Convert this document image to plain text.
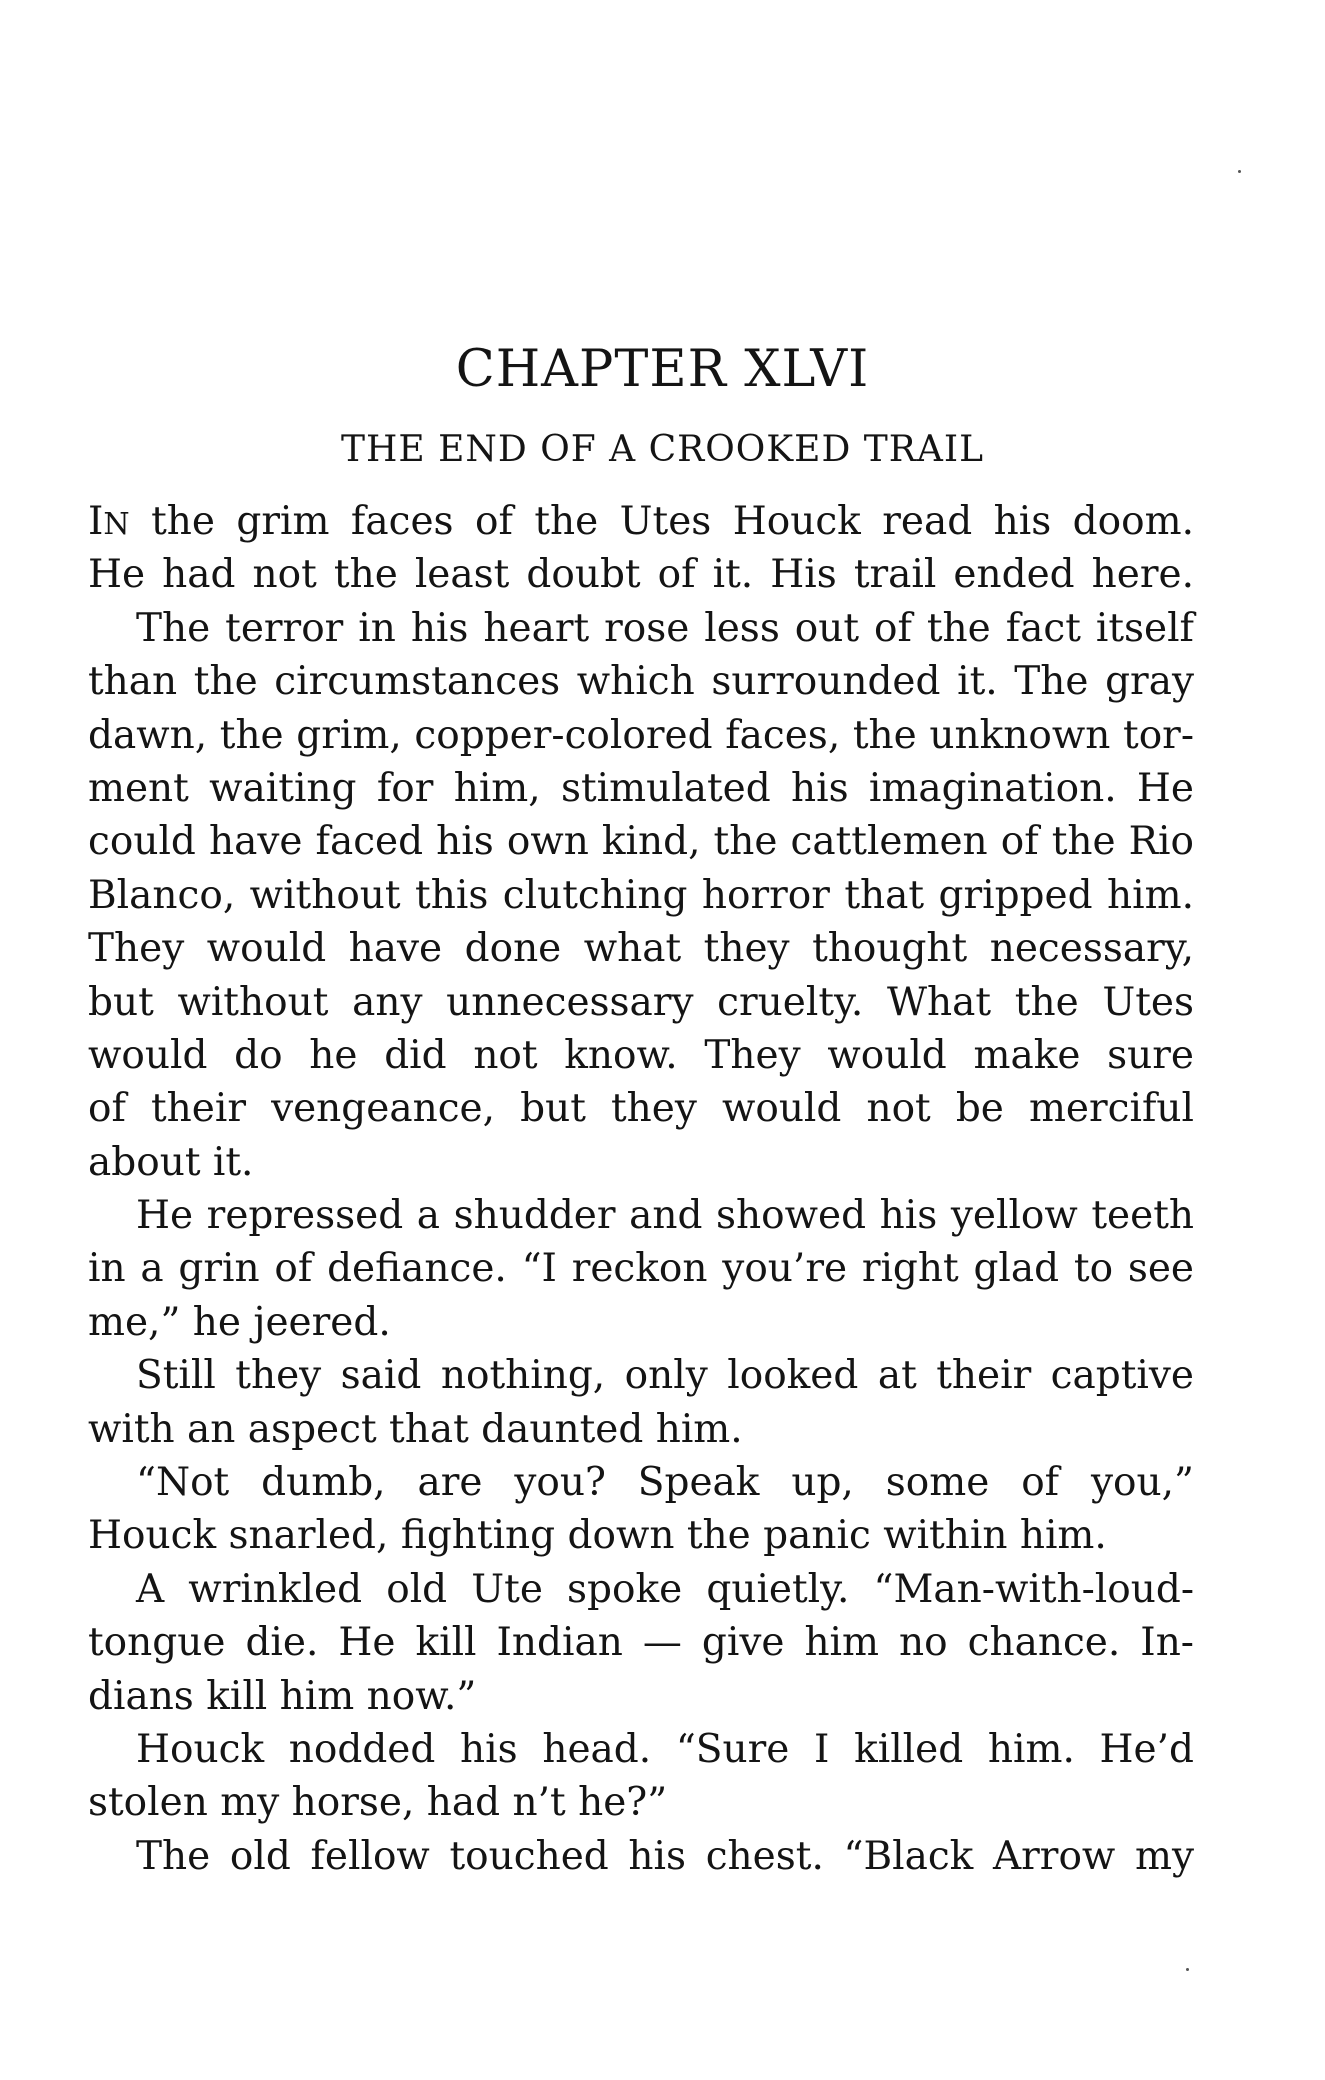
CHAPTER XLVI
THE END OF A CROOKED TRAIL
IN the grim faces of the Utes Houck read his doom.
He had not the least doubt of it. His trail ended here.
The terror in his heart rose less out of the fact itself
than the circumstances which surrounded it. The gray
dawn, the grim, copper-colored faces, the unknown tor-
ment waiting for him, stimulated his imagination. He
could have faced his own kind, the cattlemen of the Rio
Blanco, without this clutching horror that gripped him.
They would have done what they thought necessary,
but without any unnecessary cruelty. What the Utes
would do he did not know. They would make sure
of their vengeance, but they would not be merciful
about it.
He repressed a shudder and showed his yellow teeth
in a grin of defiance. “I reckon you’re right glad to see
me,” he jeered.
Still they said nothing, only looked at their captive
with an aspect that daunted him.
“Not dumb, are you? Speak up, some of you,”
Houck snarled, fighting down the panic within him.
A wrinkled old Ute spoke quietly. “Man-with-loud-
tongue die. He kill Indian — give him no chance. In-
dians kill him now.”
Houck nodded his head. “Sure I killed him. He’d
stolen my horse, had n’t he?”
The old fellow touched his chest. “Black Arrow my
